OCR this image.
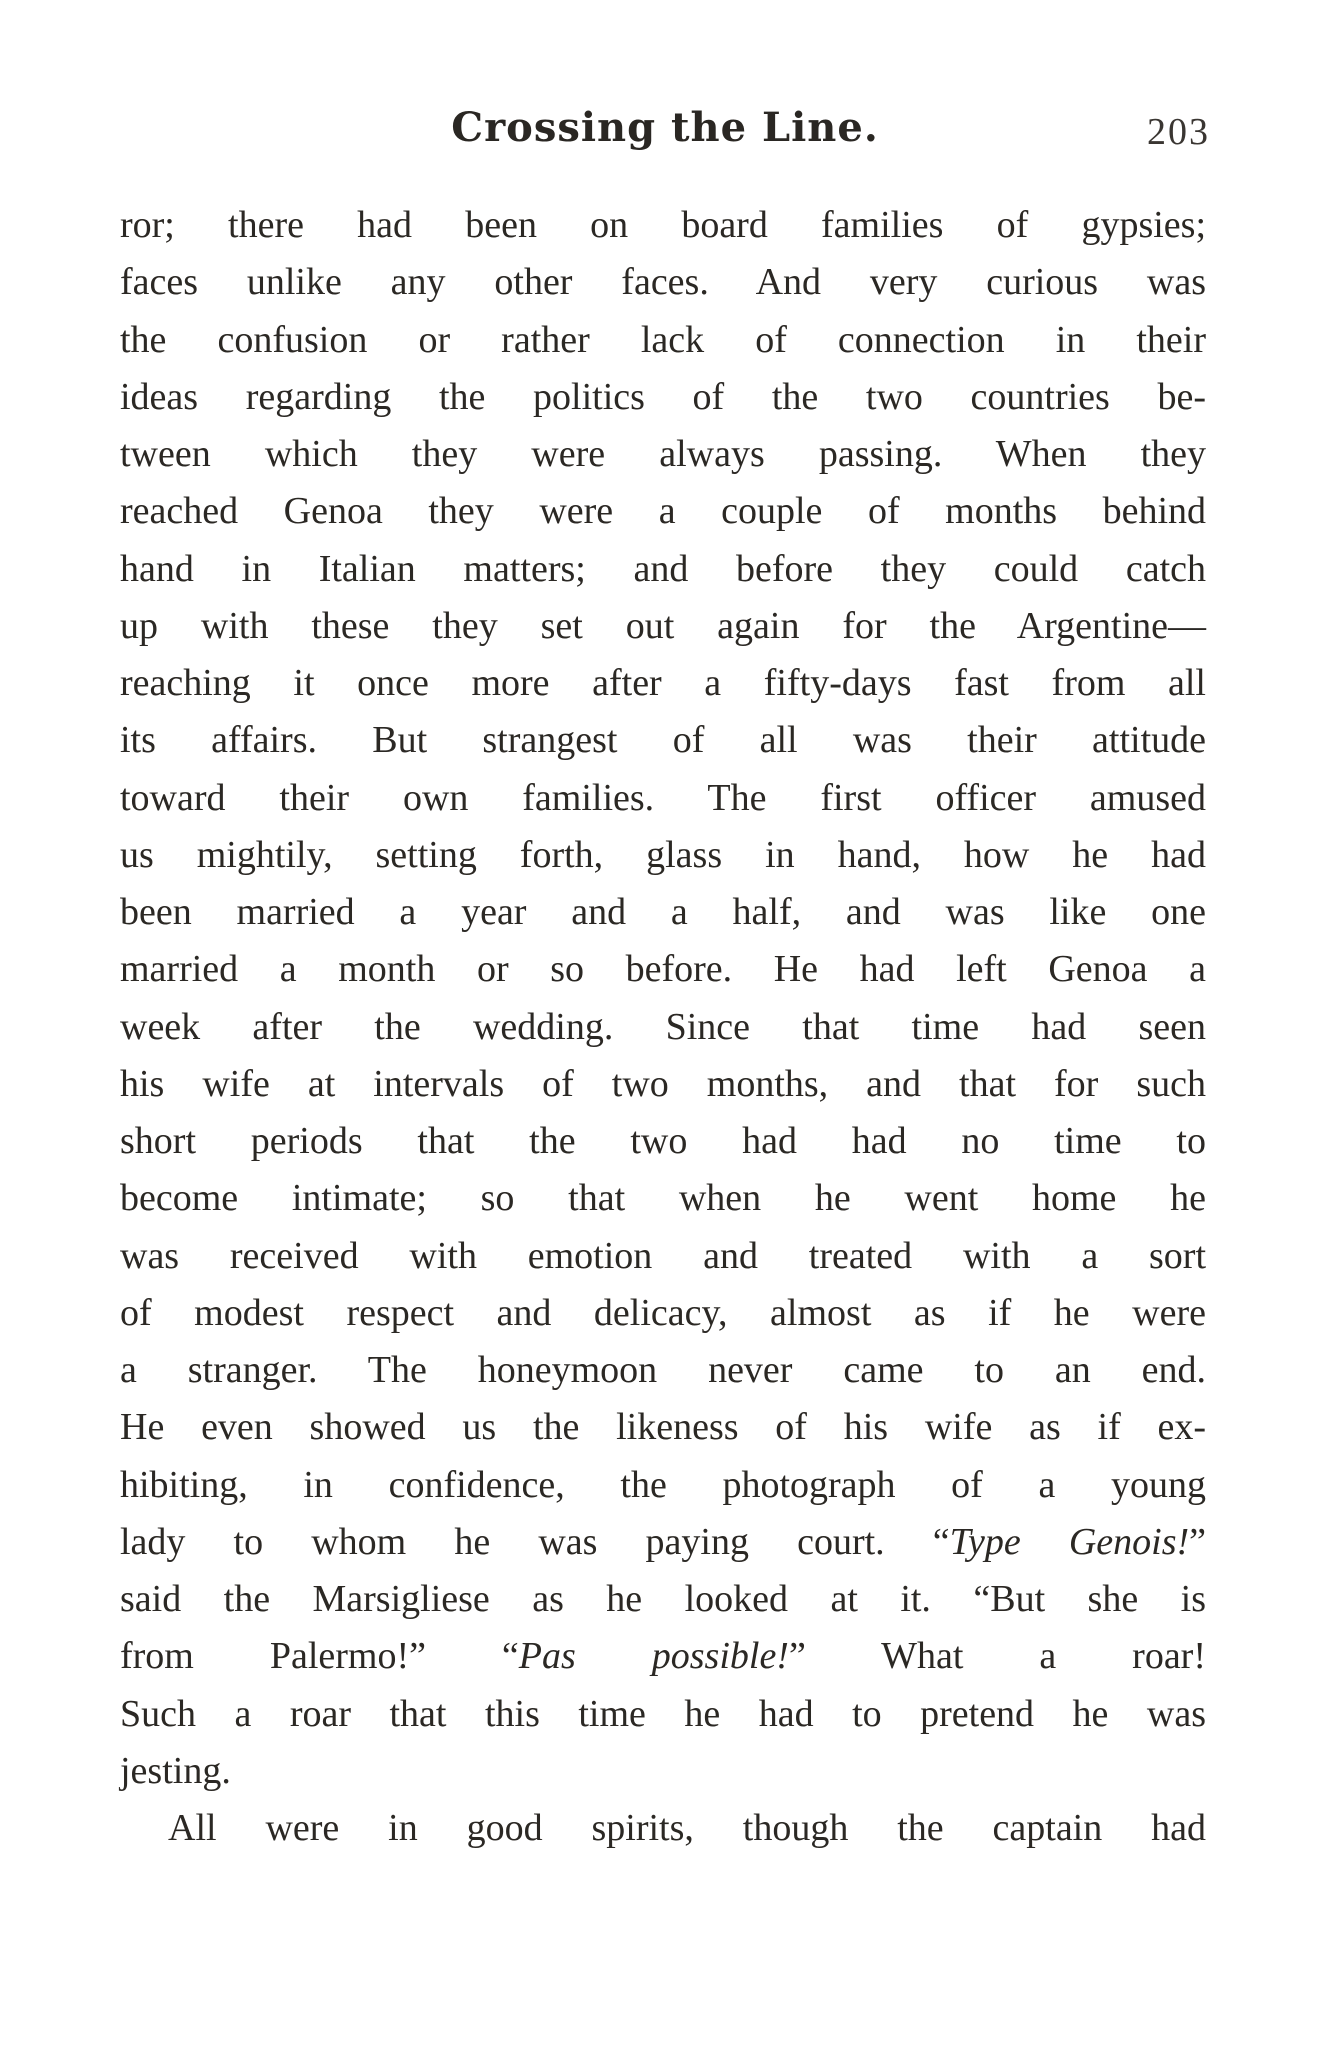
Crossing the Line.	203
ror; there had been on board families of gypsies;
faces unlike any other faces. And very curious was
the confusion or rather lack of connection in their
ideas regarding the politics of the two countries be-
tween which they were always passing. When they
reached Genoa they were a couple of months behind
hand in Italian matters; and before they could catch
up with these they set out again for the Argentine—
reaching it once more after a fifty-days fast from all
its affairs. But strangest of all was their attitude
toward their own families. The first officer amused
us mightily, setting forth, glass in hand, how he had
been married a year and a half, and was like one
married a month or so before. He had left Genoa a
week after the wedding. Since that time had seen
his wife at intervals of two months, and that for such
short periods that the two had had no time to
become intimate; so that when he went home he
was received with emotion and treated with a sort
of modest respect and delicacy, almost as if he were
a stranger. The honeymoon never came to an end.
He even showed us the likeness of his wife as if ex-
hibiting, in confidence, the photograph of a young
lady to whom he was paying court. “Type Genois!”
said the Marsigliese as he looked at it. “But she is
from Palermo!” “Pas possible!” What a roar!
Such a roar that this time he had to pretend he was
jesting.
All were in good spirits, though the captain had
